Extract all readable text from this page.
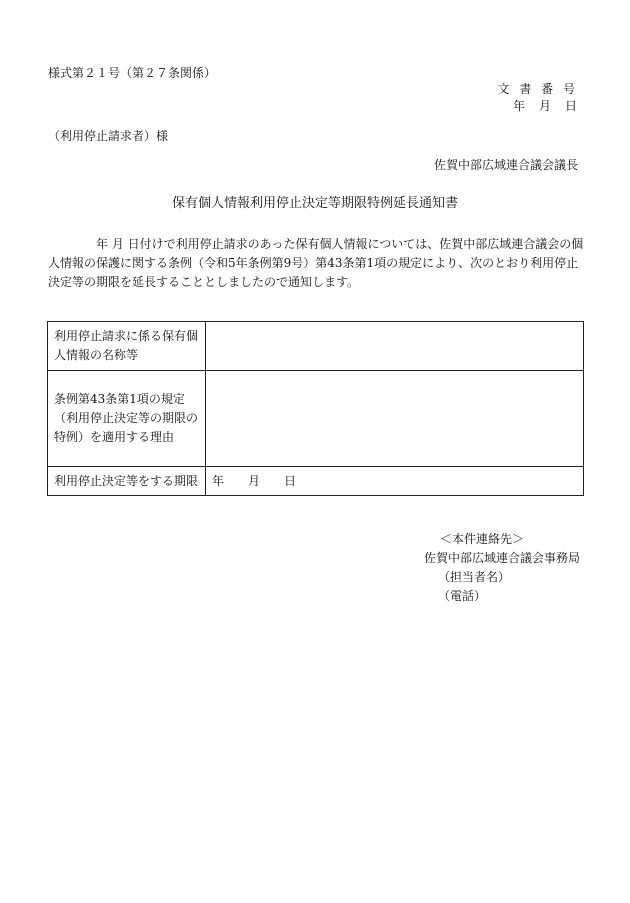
様式第２１号（第２７条関係）
文 書 番 号
年　月　日
（利用停止請求者）様
佐賀中部広域連合議会議長
保有個人情報利用停止決定等期限特例延長通知書
年 月 日付けで利用停止請求のあった保有個人情報については、佐賀中部広域連合議会の個人情報の保護に関する条例（令和5年条例第9号）第43条第1項の規定により、次のとおり利用停止決定等の期限を延長することとしましたので通知します。
利用停止請求に係る保有個人情報の名称等	
条例第43条第1項の規定（利用停止決定等の期限の特例）を適用する理由	
利用停止決定等をする期限	年　　月　　日
＜本件連絡先＞
佐賀中部広域連合議会事務局
（担当者名）
（電話）
